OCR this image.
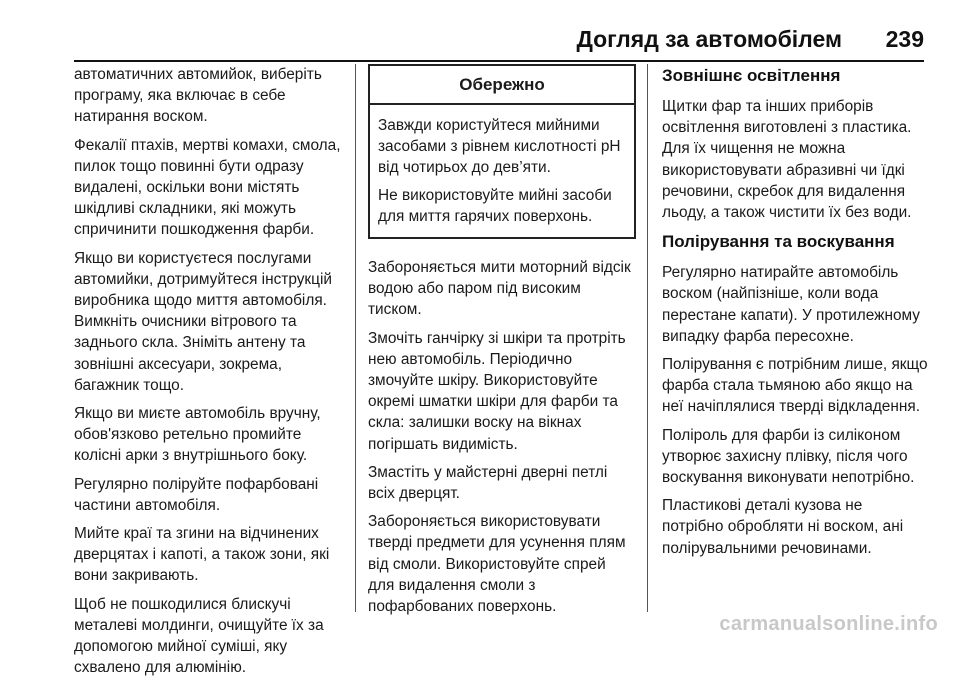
Догляд за автомобілем 239

автоматичних автомийок, виберіть програму, яка включає в себе натирання воском.

Фекалії птахів, мертві комахи, смола, пилок тощо повинні бути одразу видалені, оскільки вони містять шкідливі складники, які можуть спричинити пошкодження фарби.

Якщо ви користуєтеся послугами автомийки, дотримуйтеся інструкцій виробника щодо миття автомобіля. Вимкніть очисники вітрового та заднього скла. Зніміть антену та зовнішні аксесуари, зокрема, багажник тощо.

Якщо ви миєте автомобіль вручну, обов'язково ретельно промийте колісні арки з внутрішнього боку.

Регулярно поліруйте пофарбовані частини автомобіля.

Мийте краї та згини на відчинених дверцятах і капоті, а також зони, які вони закривають.

Щоб не пошкодилися блискучі металеві молдинги, очищуйте їх за допомогою мийної суміші, яку схвалено для алюмінію.

Обережно

Завжди користуйтеся мийними засобами з рівнем кислотності рН від чотирьох до дев’яти.

Не використовуйте мийні засоби для миття гарячих поверхонь.

Забороняється мити моторний відсік водою або паром під високим тиском.

Змочіть ганчірку зі шкіри та протріть нею автомобіль. Періодично змочуйте шкіру. Використовуйте окремі шматки шкіри для фарби та скла: залишки воску на вікнах погіршать видимість.

Змастіть у майстерні дверні петлі всіх дверцят.

Забороняється використовувати тверді предмети для усунення плям від смоли. Використовуйте спрей для видалення смоли з пофарбованих поверхонь.

Зовнішнє освітлення

Щитки фар та інших приборів освітлення виготовлені з пластика. Для їх чищення не можна використовувати абразивні чи їдкі речовини, скребок для видалення льоду, а також чистити їх без води.

Полірування та воскування

Регулярно натирайте автомобіль воском (найпізніше, коли вода перестане капати). У протилежному випадку фарба пересохне.

Полірування є потрібним лише, якщо фарба стала тьмяною або якщо на неї начіплялися тверді відкладення.

Поліроль для фарби із силіконом утворює захисну плівку, після чого воскування виконувати непотрібно.

Пластикові деталі кузова не потрібно обробляти ні воском, ані полірувальними речовинами.

carmanualsonline.info
